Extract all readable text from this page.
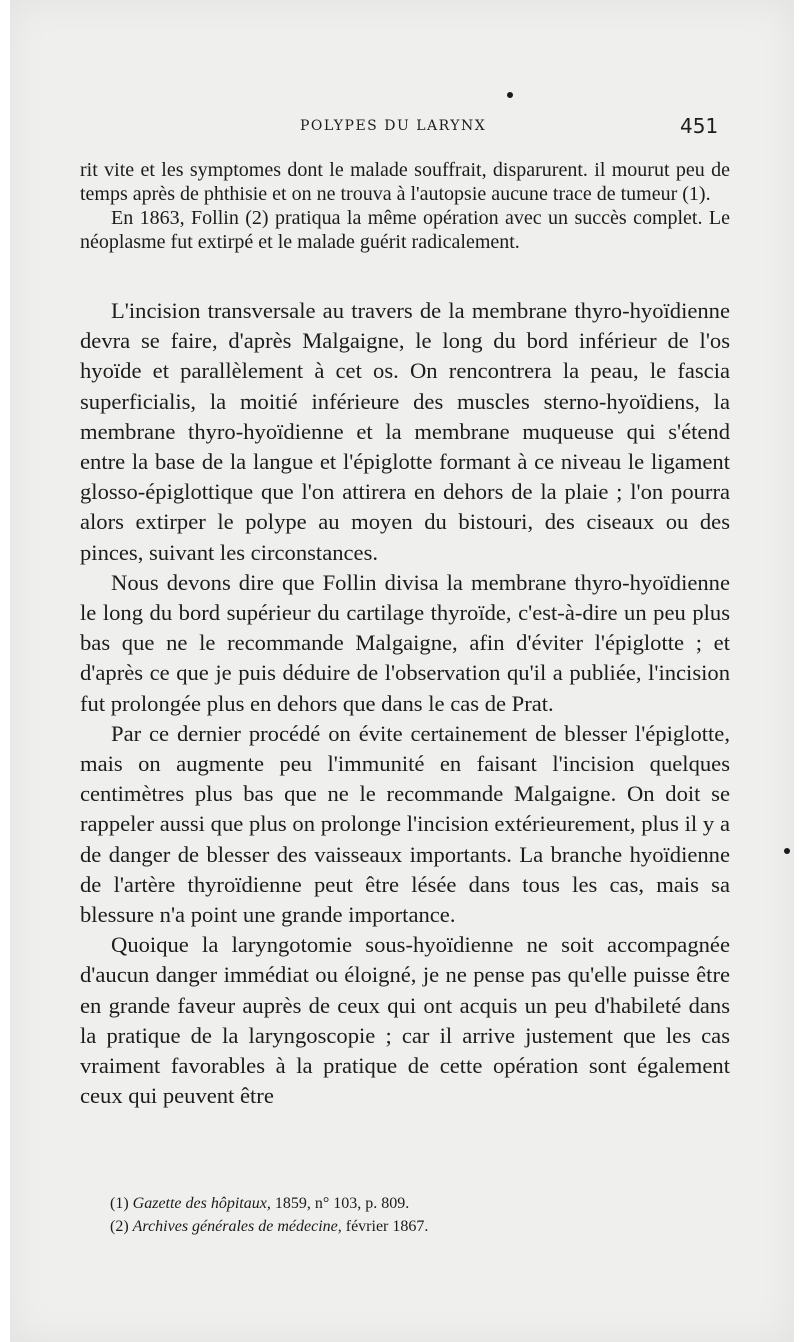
POLYPES DU LARYNX	451

rit vite et les symptomes dont le malade souffrait, disparurent. il mourut peu de temps après de phthisie et on ne trouva à l'autopsie aucune trace de tumeur (1).

En 1863, Follin (2) pratiqua la même opération avec un succès complet. Le néoplasme fut extirpé et le malade guérit radicalement.

L'incision transversale au travers de la membrane thyro-hyoïdienne devra se faire, d'après Malgaigne, le long du bord inférieur de l'os hyoïde et parallèlement à cet os. On rencontrera la peau, le fascia superficialis, la moitié inférieure des muscles sterno-hyoïdiens, la membrane thyro-hyoïdienne et la membrane muqueuse qui s'étend entre la base de la langue et l'épiglotte formant à ce niveau le ligament glosso-épiglottique que l'on attirera en dehors de la plaie ; l'on pourra alors extirper le polype au moyen du bistouri, des ciseaux ou des pinces, suivant les circonstances.

Nous devons dire que Follin divisa la membrane thyro-hyoïdienne le long du bord supérieur du cartilage thyroïde, c'est-à-dire un peu plus bas que ne le recommande Malgaigne, afin d'éviter l'épiglotte ; et d'après ce que je puis déduire de l'observation qu'il a publiée, l'incision fut prolongée plus en dehors que dans le cas de Prat.

Par ce dernier procédé on évite certainement de blesser l'épiglotte, mais on augmente peu l'immunité en faisant l'incision quelques centimètres plus bas que ne le recommande Malgaigne. On doit se rappeler aussi que plus on prolonge l'incision extérieurement, plus il y a de danger de blesser des vaisseaux importants. La branche hyoïdienne de l'artère thyroïdienne peut être lésée dans tous les cas, mais sa blessure n'a point une grande importance.

Quoique la laryngotomie sous-hyoïdienne ne soit accompagnée d'aucun danger immédiat ou éloigné, je ne pense pas qu'elle puisse être en grande faveur auprès de ceux qui ont acquis un peu d'habileté dans la pratique de la laryngoscopie ; car il arrive justement que les cas vraiment favorables à la pratique de cette opération sont également ceux qui peuvent être

(1) Gazette des hôpitaux, 1859, n° 103, p. 809.
(2) Archives générales de médecine, février 1867.
